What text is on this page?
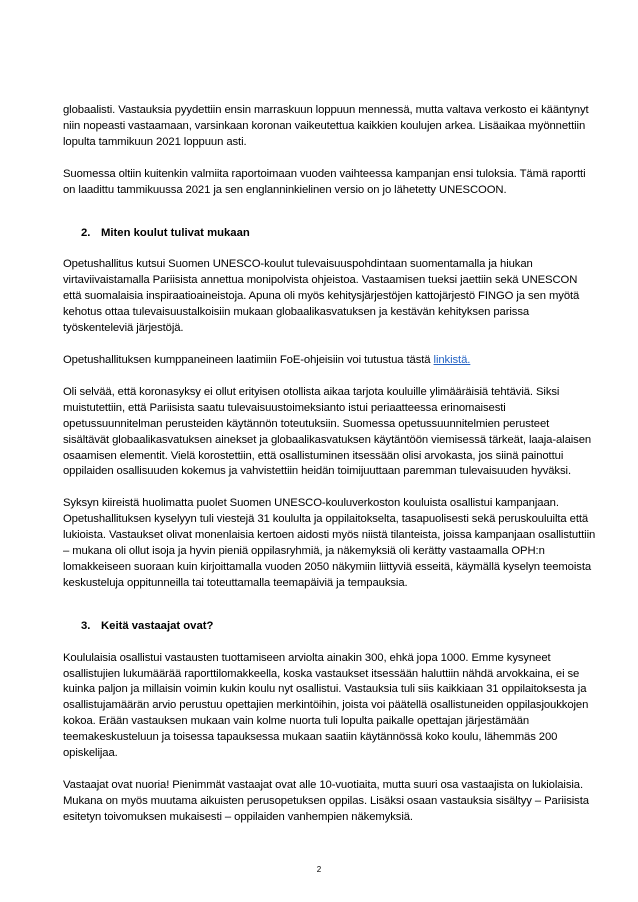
globaalisti. Vastauksia pyydettiin ensin marraskuun loppuun mennessä, mutta valtava verkosto ei kääntynyt niin nopeasti vastaamaan, varsinkaan koronan vaikeutettua kaikkien koulujen arkea. Lisäaikaa myönnettiin lopulta tammikuun 2021 loppuun asti.

Suomessa oltiin kuitenkin valmiita raportoimaan vuoden vaihteessa kampanjan ensi tuloksia. Tämä raportti on laadittu tammikuussa 2021 ja sen englanninkielinen versio on jo lähetetty UNESCOON.

2. Miten koulut tulivat mukaan

Opetushallitus kutsui Suomen UNESCO-koulut tulevaisuuspohdintaan suomentamalla ja hiukan virtaviivaistamalla Pariisista annettua monipolvista ohjeistoa. Vastaamisen tueksi jaettiin sekä UNESCON että suomalaisia inspiraatioaineistoja. Apuna oli myös kehitysjärjestöjen kattojärjestö FINGO ja sen myötä kehotus ottaa tulevaisuustalkoisiin mukaan globaalikasvatuksen ja kestävän kehityksen parissa työskenteleviä järjestöjä.

Opetushallituksen kumppaneineen laatimiin FoE-ohjeisiin voi tutustua tästä linkistä.

Oli selvää, että koronasyksy ei ollut erityisen otollista aikaa tarjota kouluille ylimääräisiä tehtäviä. Siksi muistutettiin, että Pariisista saatu tulevaisuustoimeksianto istui periaatteessa erinomaisesti opetussuunnitelman perusteiden käytännön toteutuksiin. Suomessa opetussuunnitelmien perusteet sisältävät globaalikasvatuksen ainekset ja globaalikasvatuksen käytäntöön viemisessä tärkeät, laaja-alaisen osaamisen elementit. Vielä korostettiin, että osallistuminen itsessään olisi arvokasta, jos siinä painottui oppilaiden osallisuuden kokemus ja vahvistettiin heidän toimijuuttaan paremman tulevaisuuden hyväksi.

Syksyn kiireistä huolimatta puolet Suomen UNESCO-kouluverkoston kouluista osallistui kampanjaan. Opetushallituksen kyselyyn tuli viestejä 31 koululta ja oppilaitokselta, tasapuolisesti sekä peruskouluilta että lukioista. Vastaukset olivat monenlaisia kertoen aidosti myös niistä tilanteista, joissa kampanjaan osallistuttiin – mukana oli ollut isoja ja hyvin pieniä oppilasryhmiä, ja näkemyksiä oli kerätty vastaamalla OPH:n lomakkeiseen suoraan kuin kirjoittamalla vuoden 2050 näkymiin liittyviä esseitä, käymällä kyselyn teemoista keskusteluja oppitunneilla tai toteuttamalla teemapäiviä ja tempauksia.

3. Keitä vastaajat ovat?

Koululaisia osallistui vastausten tuottamiseen arviolta ainakin 300, ehkä jopa 1000. Emme kysyneet osallistujien lukumäärää raporttilomakkeella, koska vastaukset itsessään haluttiin nähdä arvokkaina, ei se kuinka paljon ja millaisin voimin kukin koulu nyt osallistui. Vastauksia tuli siis kaikkiaan 31 oppilaitoksesta ja osallistujamäärän arvio perustuu opettajien merkintöihin, joista voi päätellä osallistuneiden oppilasjoukkojen kokoa. Erään vastauksen mukaan vain kolme nuorta tuli lopulta paikalle opettajan järjestämään teemakeskusteluun ja toisessa tapauksessa mukaan saatiin käytännössä koko koulu, lähemmäs 200 opiskelijaa.

Vastaajat ovat nuoria! Pienimmät vastaajat ovat alle 10-vuotiaita, mutta suuri osa vastaajista on lukiolaisia. Mukana on myös muutama aikuisten perusopetuksen oppilas. Lisäksi osaan vastauksia sisältyy – Pariisista esitetyn toivomuksen mukaisesti – oppilaiden vanhempien näkemyksiä.

2
